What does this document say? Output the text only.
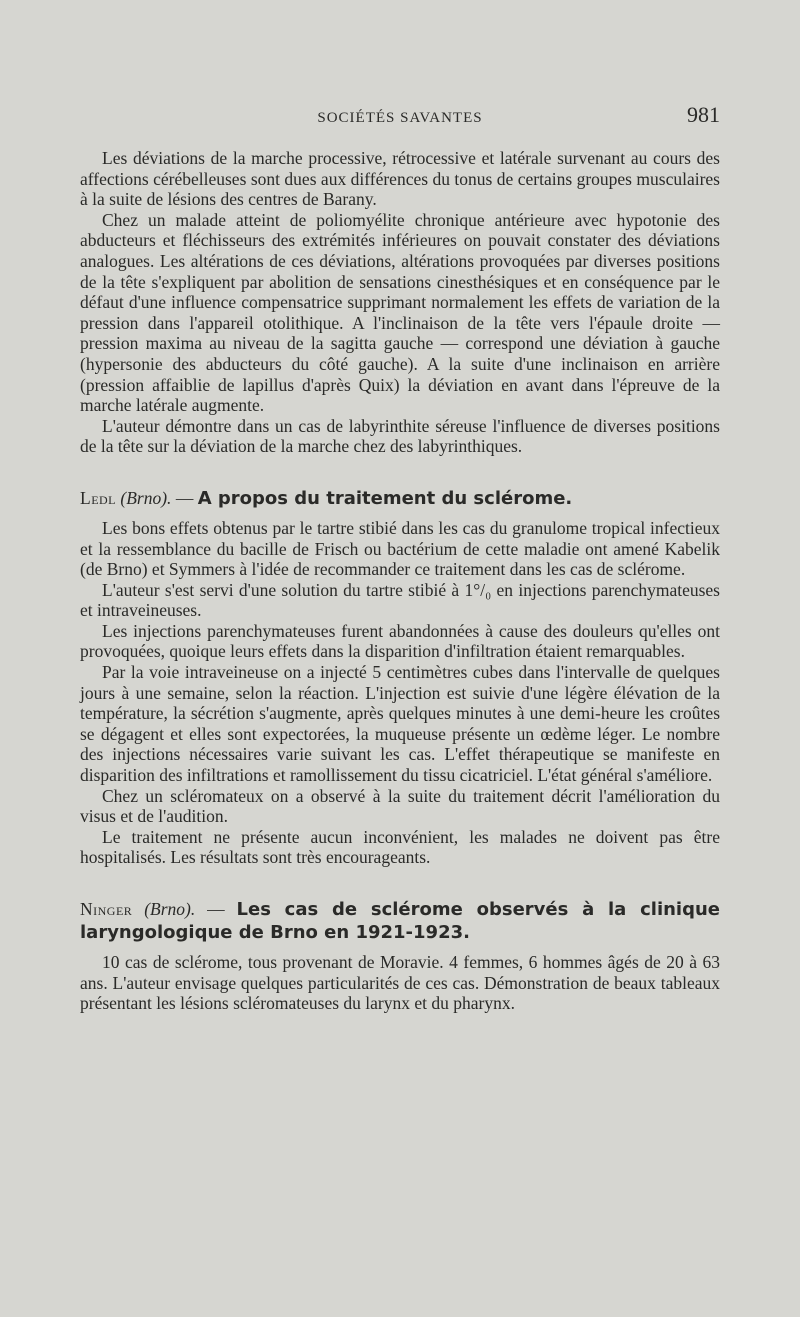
SOCIÉTÉS SAVANTES	981

Les déviations de la marche processive, rétrocessive et latérale survenant au cours des affections cérébelleuses sont dues aux différences du tonus de certains groupes musculaires à la suite de lésions des centres de Barany.

Chez un malade atteint de poliomyélite chronique antérieure avec hypotonie des abducteurs et fléchisseurs des extrémités inférieures on pouvait constater des déviations analogues. Les altérations de ces déviations, altérations provoquées par diverses positions de la tête s'expliquent par abolition de sensations cinesthésiques et en conséquence par le défaut d'une influence compensatrice supprimant normalement les effets de variation de la pression dans l'appareil otolithique. A l'inclinaison de la tête vers l'épaule droite — pression maxima au niveau de la sagitta gauche — correspond une déviation à gauche (hypersonie des abducteurs du côté gauche). A la suite d'une inclinaison en arrière (pression affaiblie de lapillus d'après Quix) la déviation en avant dans l'épreuve de la marche latérale augmente.

L'auteur démontre dans un cas de labyrinthite séreuse l'influence de diverses positions de la tête sur la déviation de la marche chez des labyrinthiques.

Ledl (Brno). — A propos du traitement du sclérome.

Les bons effets obtenus par le tartre stibié dans les cas du granulome tropical infectieux et la ressemblance du bacille de Frisch ou bactérium de cette maladie ont amené Kabelik (de Brno) et Symmers à l'idée de recommander ce traitement dans les cas de sclérome.

L'auteur s'est servi d'une solution du tartre stibié à 1°/₀ en injections parenchymateuses et intraveineuses.

Les injections parenchymateuses furent abandonnées à cause des douleurs qu'elles ont provoquées, quoique leurs effets dans la disparition d'infiltration étaient remarquables.

Par la voie intraveineuse on a injecté 5 centimètres cubes dans l'intervalle de quelques jours à une semaine, selon la réaction. L'injection est suivie d'une légère élévation de la température, la sécrétion s'augmente, après quelques minutes à une demi-heure les croûtes se dégagent et elles sont expectorées, la muqueuse présente un œdème léger. Le nombre des injections nécessaires varie suivant les cas. L'effet thérapeutique se manifeste en disparition des infiltrations et ramollissement du tissu cicatriciel. L'état général s'améliore.

Chez un scléromateux on a observé à la suite du traitement décrit l'amélioration du visus et de l'audition.

Le traitement ne présente aucun inconvénient, les malades ne doivent pas être hospitalisés. Les résultats sont très encourageants.

Ninger (Brno). — Les cas de sclérome observés à la clinique laryngologique de Brno en 1921-1923.

10 cas de sclérome, tous provenant de Moravie. 4 femmes, 6 hommes âgés de 20 à 63 ans. L'auteur envisage quelques particularités de ces cas. Démonstration de beaux tableaux présentant les lésions scléromateuses du larynx et du pharynx.
